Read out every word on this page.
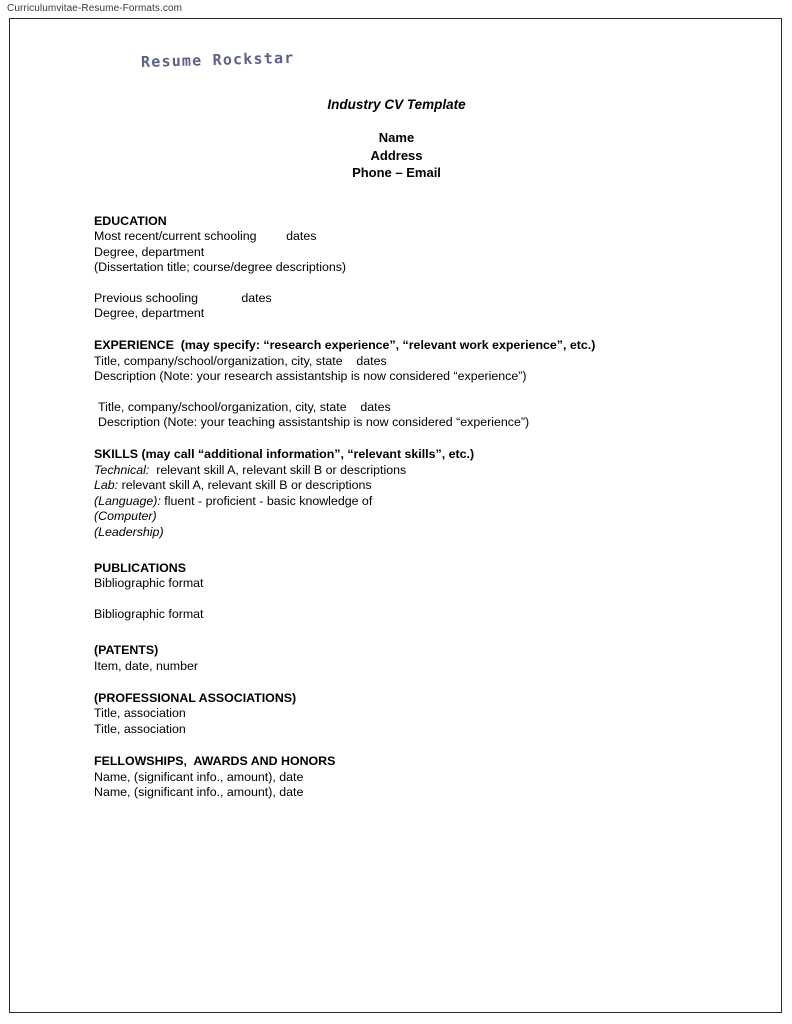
Curriculumvitae-Resume-Formats.com
Resume Rockstar
Industry CV Template
Name
Address
Phone – Email
EDUCATION
Most recent/current schooling      dates
Degree, department
(Dissertation title; course/degree descriptions)
Previous schooling          dates
Degree, department
EXPERIENCE  (may specify: “research experience”, “relevant work experience”, etc.)
Title, company/school/organization, city, state    dates
Description (Note: your research assistantship is now considered “experience”)
Title, company/school/organization, city, state    dates
Description (Note: your teaching assistantship is now considered “experience”)
SKILLS (may call “additional information”, “relevant skills”, etc.)
Technical:  relevant skill A, relevant skill B or descriptions
Lab: relevant skill A, relevant skill B or descriptions
(Language): fluent - proficient - basic knowledge of
(Computer)
(Leadership)
PUBLICATIONS
Bibliographic format
Bibliographic format
(PATENTS)
Item, date, number
(PROFESSIONAL ASSOCIATIONS)
Title, association
Title, association
FELLOWSHIPS,  AWARDS AND HONORS
Name, (significant info., amount), date
Name, (significant info., amount), date
